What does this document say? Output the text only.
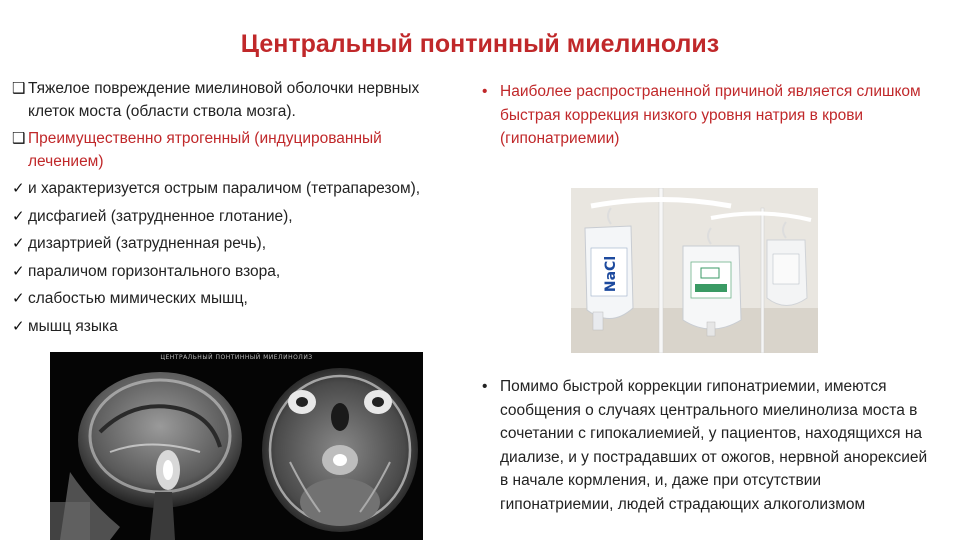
Центральный понтинный миелинолиз
❑ Тяжелое повреждение миелиновой оболочки нервных клеток моста (области ствола мозга).
❑ Преимущественно ятрогенный (индуцированный лечением)
✓ и характеризуется острым параличом (тетрапарезом),
✓ дисфагией (затрудненное глотание),
✓ дизартрией (затрудненная речь),
✓ параличом горизонтального взора,
✓ слабостью мимических мышц,
✓ мышц языка
• Наиболее распространенной причиной является слишком быстрая коррекция низкого уровня натрия в крови (гипонатриемии)
• Помимо быстрой коррекции гипонатриемии, имеются сообщения о случаях центрального миелинолиза моста в сочетании с гипокалиемией, у пациентов, находящихся на диализе, и у пострадавших от ожогов, нервной анорексией в начале кормления, и, даже при отсутствии гипонатриемии, людей страдающих алкоголизмом
ЦЕНТРАЛЬНЫЙ ПОНТИННЫЙ МИЕЛИНОЛИЗ
NaCl
